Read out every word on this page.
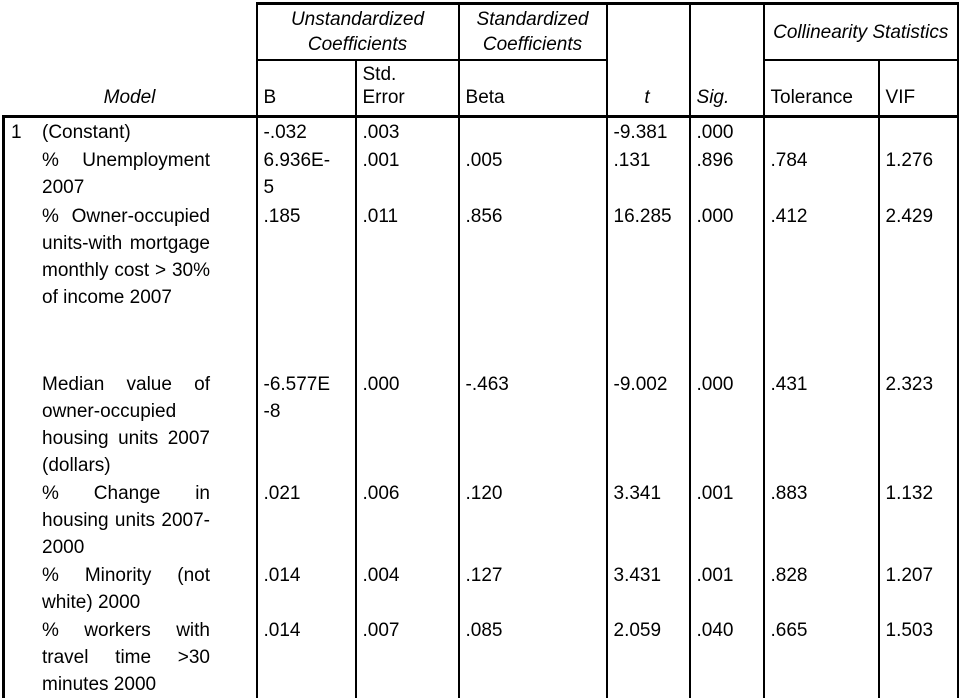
Model	Unstandardized Coefficients		Standardized Coefficients	t	Sig.	Collinearity Statistics	
	B	Std. Error	Beta			Tolerance	VIF

1 (Constant)	-.032	.003		-9.381	.000		

% Unemployment 2007	6.936E-5	.001	.005	.131	.896	.784	1.276

% Owner-occupied units-with mortgage monthly cost > 30% of income 2007	.185	.011	.856	16.285	.000	.412	2.429

Median value of owner-occupied housing units 2007 (dollars)	-6.577E-8	.000	-.463	-9.002	.000	.431	2.323

% Change in housing units 2007-2000	.021	.006	.120	3.341	.001	.883	1.132

% Minority (not white) 2000	.014	.004	.127	3.431	.001	.828	1.207

% workers with travel time >30 minutes 2000	.014	.007	.085	2.059	.040	.665	1.503
